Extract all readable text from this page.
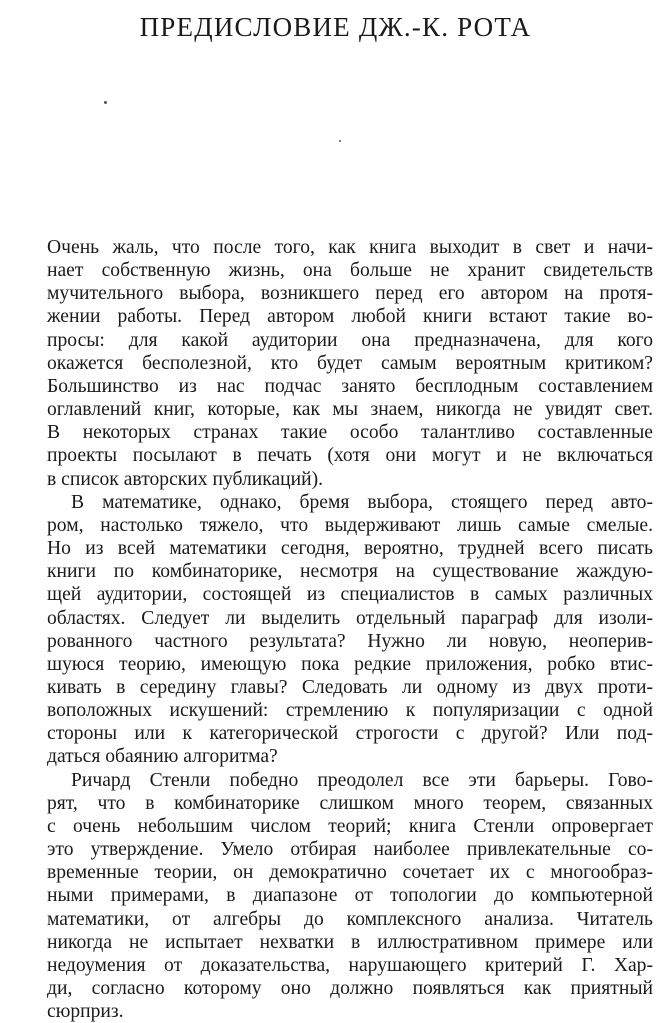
ПРЕДИСЛОВИЕ ДЖ.-К. РОТА

Очень жаль, что после того, как книга выходит в свет и начи-
нает собственную жизнь, она больше не хранит свидетельств
мучительного выбора, возникшего перед его автором на протя-
жении работы. Перед автором любой книги встают такие во-
просы: для какой аудитории она предназначена, для кого
окажется бесполезной, кто будет самым вероятным критиком?
Большинство из нас подчас занято бесплодным составлением
оглавлений книг, которые, как мы знаем, никогда не увидят свет.
В некоторых странах такие особо талантливо составленные
проекты посылают в печать (хотя они могут и не включаться
в список авторских публикаций).

В математике, однако, бремя выбора, стоящего перед авто-
ром, настолько тяжело, что выдерживают лишь самые смелые.
Но из всей математики сегодня, вероятно, трудней всего писать
книги по комбинаторике, несмотря на существование жаждую-
щей аудитории, состоящей из специалистов в самых различных
областях. Следует ли выделить отдельный параграф для изоли-
рованного частного результата? Нужно ли новую, неоперив-
шуюся теорию, имеющую пока редкие приложения, робко втис-
кивать в середину главы? Следовать ли одному из двух проти-
воположных искушений: стремлению к популяризации с одной
стороны или к категорической строгости с другой? Или под-
даться обаянию алгоритма?

Ричард Стенли победно преодолел все эти барьеры. Гово-
рят, что в комбинаторике слишком много теорем, связанных
с очень небольшим числом теорий; книга Стенли опровергает
это утверждение. Умело отбирая наиболее привлекательные со-
временные теории, он демократично сочетает их с многообраз-
ными примерами, в диапазоне от топологии до компьютерной
математики, от алгебры до комплексного анализа. Читатель
никогда не испытает нехватки в иллюстративном примере или
недоумения от доказательства, нарушающего критерий Г. Хар-
ди, согласно которому оно должно появляться как приятный
сюрприз.
